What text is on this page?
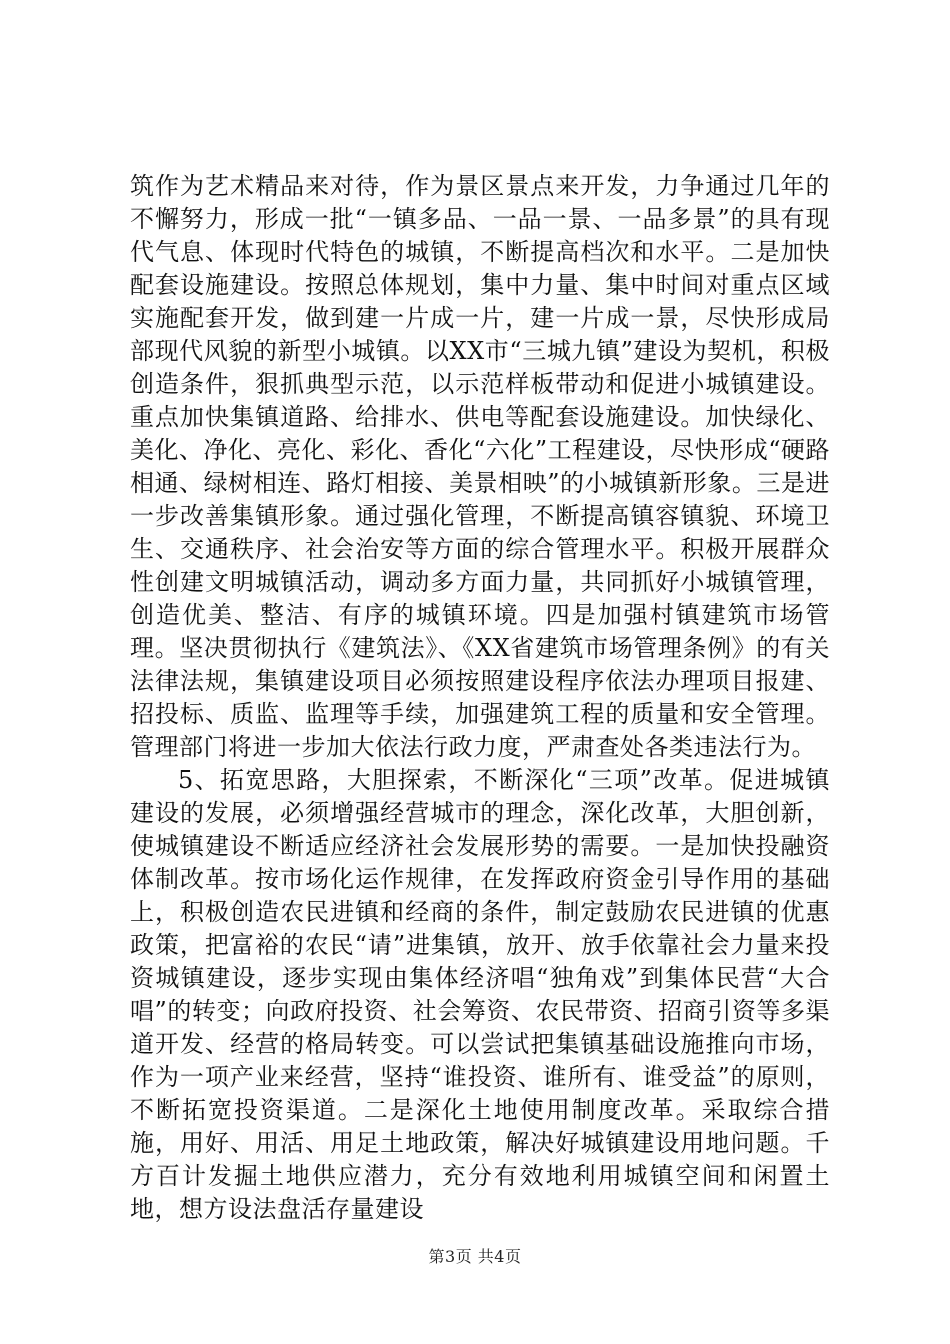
筑作为艺术精品来对待，作为景区景点来开发，力争通过几年的不懈努力，形成一批“一镇多品、一品一景、一品多景”的具有现代气息、体现时代特色的城镇，不断提高档次和水平。二是加快配套设施建设。按照总体规划，集中力量、集中时间对重点区域实施配套开发，做到建一片成一片，建一片成一景，尽快形成局部现代风貌的新型小城镇。以XX市“三城九镇”建设为契机，积极创造条件，狠抓典型示范，以示范样板带动和促进小城镇建设。重点加快集镇道路、给排水、供电等配套设施建设。加快绿化、美化、净化、亮化、彩化、香化“六化”工程建设，尽快形成“硬路相通、绿树相连、路灯相接、美景相映”的小城镇新形象。三是进一步改善集镇形象。通过强化管理，不断提高镇容镇貌、环境卫生、交通秩序、社会治安等方面的综合管理水平。积极开展群众性创建文明城镇活动，调动多方面力量，共同抓好小城镇管理，创造优美、整洁、有序的城镇环境。四是加强村镇建筑市场管理。坚决贯彻执行《建筑法》、《XX省建筑市场管理条例》的有关法律法规，集镇建设项目必须按照建设程序依法办理项目报建、招投标、质监、监理等手续，加强建筑工程的质量和安全管理。管理部门将进一步加大依法行政力度，严肃查处各类违法行为。

5、拓宽思路，大胆探索，不断深化“三项”改革。促进城镇建设的发展，必须增强经营城市的理念，深化改革，大胆创新，使城镇建设不断适应经济社会发展形势的需要。一是加快投融资体制改革。按市场化运作规律，在发挥政府资金引导作用的基础上，积极创造农民进镇和经商的条件，制定鼓励农民进镇的优惠政策，把富裕的农民“请”进集镇，放开、放手依靠社会力量来投资城镇建设，逐步实现由集体经济唱“独角戏”到集体民营“大合唱”的转变；向政府投资、社会筹资、农民带资、招商引资等多渠道开发、经营的格局转变。可以尝试把集镇基础设施推向市场，作为一项产业来经营，坚持“谁投资、谁所有、谁受益”的原则，不断拓宽投资渠道。二是深化土地使用制度改革。采取综合措施，用好、用活、用足土地政策，解决好城镇建设用地问题。千方百计发掘土地供应潜力，充分有效地利用城镇空间和闲置土地，想方设法盘活存量建设

第3页 共4页
